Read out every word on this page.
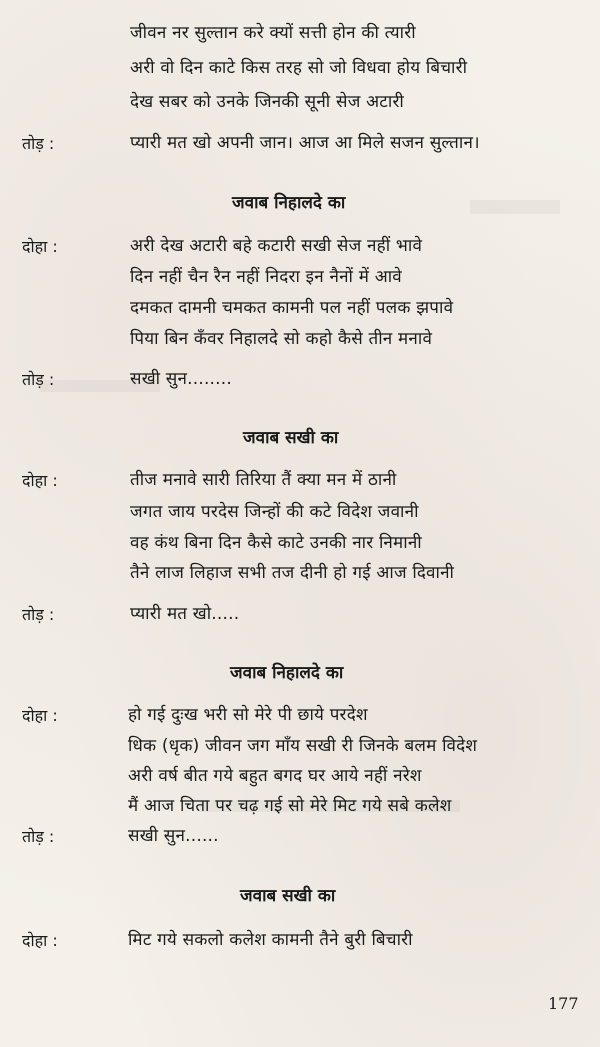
जीवन नर सुल्तान करे क्यों सत्ती होन की त्यारी
अरी वो दिन काटे किस तरह सो जो विधवा होय बिचारी
देख सबर को उनके जिनकी सूनी सेज अटारी
तोड़ :	प्यारी मत खो अपनी जान। आज आ मिले सजन सुल्तान।
जवाब निहालदे का
दोहा :	अरी देख अटारी बहे कटारी सखी सेज नहीं भावे
दिन नहीं चैन रैन नहीं निदरा इन नैनों में आवे
दमकत दामनी चमकत कामनी पल नहीं पलक झपावे
पिया बिन कँवर निहालदे सो कहो कैसे तीन मनावे
तोड़ :	सखी सुन........
जवाब सखी का
दोहा :	तीज मनावे सारी तिरिया तैं क्या मन में ठानी
जगत जाय परदेस जिन्हों की कटे विदेश जवानी
वह कंथ बिना दिन कैसे काटे उनकी नार निमानी
तैने लाज लिहाज सभी तज दीनी हो गई आज दिवानी
तोड़ :	प्यारी मत खो.....
जवाब निहालदे का
दोहा :	हो गई दुःख भरी सो मेरे पी छाये परदेश
धिक (धृक) जीवन जग माँय सखी री जिनके बलम विदेश
अरी वर्ष बीत गये बहुत बगद घर आये नहीं नरेश
मैं आज चिता पर चढ़ गई सो मेरे मिट गये सबे कलेश
तोड़ :	सखी सुन......
जवाब सखी का
दोहा :	मिट गये सकलो कलेश कामनी तैने बुरी बिचारी
177
